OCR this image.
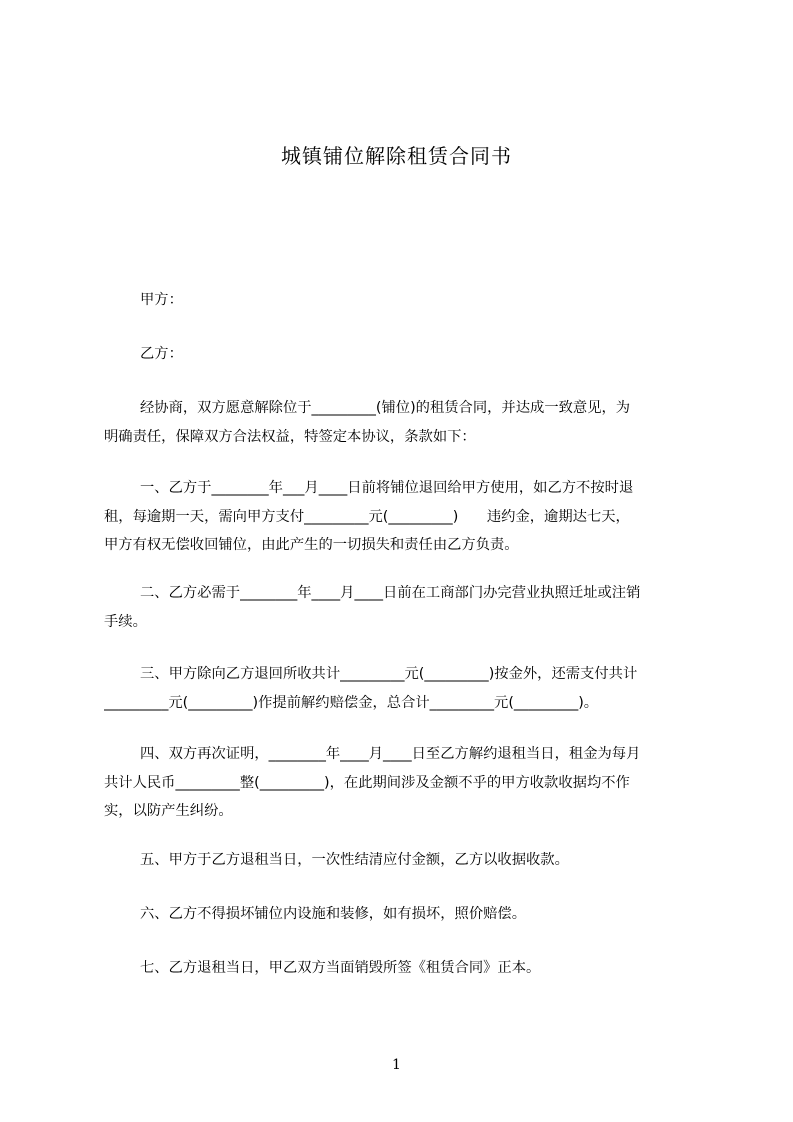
城镇铺位解除租赁合同书
甲方：
乙方：
经协商，双方愿意解除位于_________(铺位)的租赁合同，并达成一致意见，为
明确责任，保障双方合法权益，特签定本协议，条款如下：
一、乙方于________年___月____日前将铺位退回给甲方使用，如乙方不按时退
租，每逾期一天，需向甲方支付_________元(_________)　　违约金，逾期达七天，
甲方有权无偿收回铺位，由此产生的一切损失和责任由乙方负责。
二、乙方必需于________年____月____日前在工商部门办完营业执照迁址或注销
手续。
三、甲方除向乙方退回所收共计_________元(_________)按金外，还需支付共计
_________元(_________)作提前解约赔偿金，总合计_________元(_________)。
四、双方再次证明，________年____月____日至乙方解约退租当日，租金为每月
共计人民币_________整(_________)，在此期间涉及金额不乎的甲方收款收据均不作
实，以防产生纠纷。
五、甲方于乙方退租当日，一次性结清应付金额，乙方以收据收款。
六、乙方不得损坏铺位内设施和装修，如有损坏，照价赔偿。
七、乙方退租当日，甲乙双方当面销毁所签《租赁合同》正本。
1
